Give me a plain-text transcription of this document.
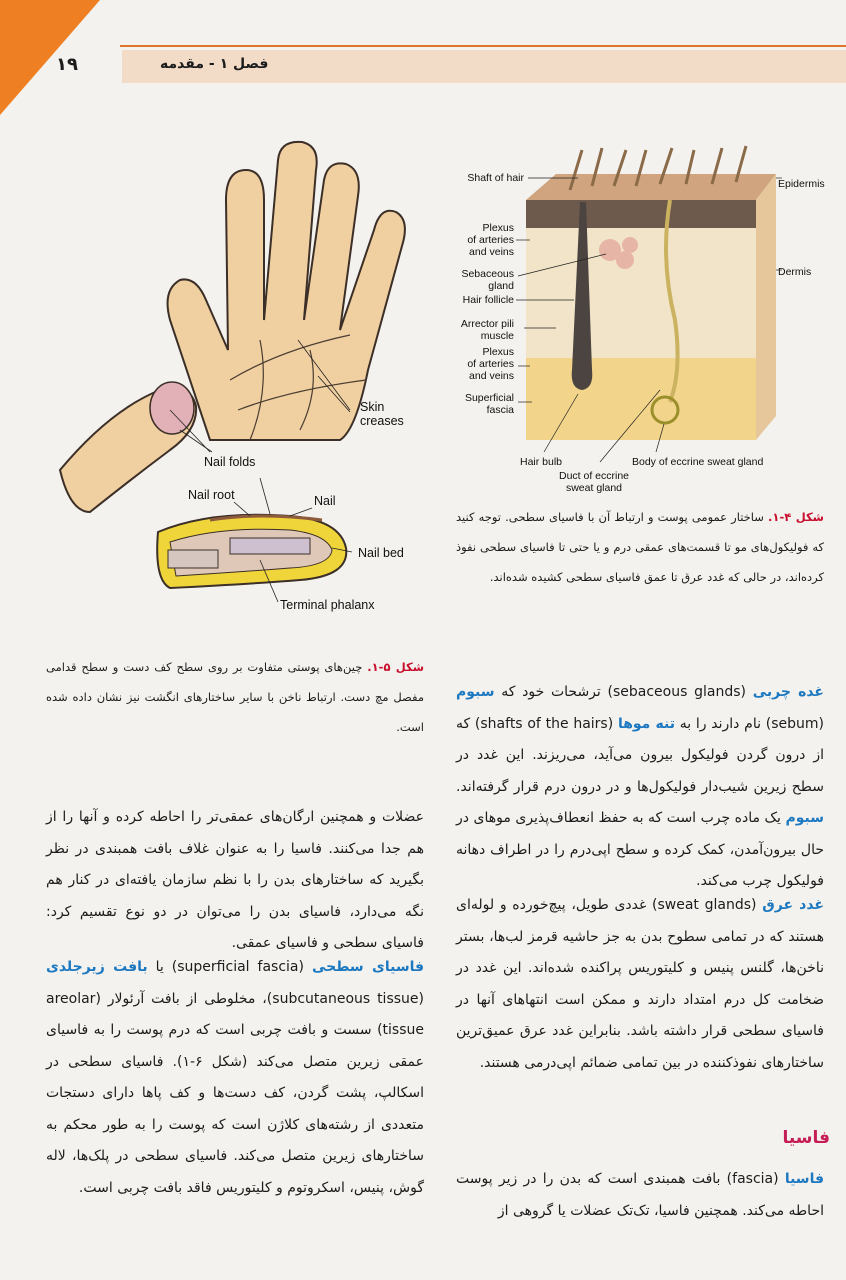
فصل ۱ - مقدمه
۱۹
Shaft of hair	Epidermis
Plexus
of arteries
and veins
Dermis
Sebaceous
gland
Hair follicle
Arrector pili
muscle
Plexus
of arteries
and veins
Superficial
fascia
Hair bulb
Duct of eccrine
sweat gland
Body of eccrine sweat gland
شکل ۴-۱. ساختار عمومی پوست و ارتباط آن با فاسیای سطحی. توجه کنید که فولیکول‌های مو تا قسمت‌های عمقی درم و یا حتی تا فاسیای سطحی نفوذ کرده‌اند، در حالی که غدد عرق تا عمق فاسیای سطحی کشیده شده‌اند.
Skin
creases
Nail folds
Nail root	Nail
Nail bed
Terminal phalanx
شکل ۵-۱. چین‌های پوستی متفاوت بر روی سطح کف دست و سطح قدامی مفصل مچ دست. ارتباط ناخن با سایر ساختارهای انگشت نیز نشان داده شده است.
غده چربی (sebaceous glands) ترشحات خود که سبوم (sebum) نام دارند را به تنه موها (shafts of the hairs) که از درون گردن فولیکول بیرون می‌آید، می‌ریزند. این غدد در سطح زیرین شیب‌دار فولیکول‌ها و در درون درم قرار گرفته‌اند. سبوم یک ماده چرب است که به حفظ انعطاف‌پذیری موهای در حال بیرون‌آمدن، کمک کرده و سطح اپی‌درم را در اطراف دهانه فولیکول چرب می‌کند.
غدد عرق (sweat glands) غددی طویل، پیچ‌خورده و لوله‌ای هستند که در تمامی سطوح بدن به جز حاشیه قرمز لب‌ها، بستر ناخن‌ها، گلنس پنیس و کلیتوریس پراکنده شده‌اند. این غدد در ضخامت کل درم امتداد دارند و ممکن است انتهاهای آنها در فاسیای سطحی قرار داشته باشد. بنابراین غدد عرق عمیق‌ترین ساختارهای نفوذکننده در بین تمامی ضمائم اپی‌درمی هستند.
فاسیا
فاسیا (fascia) بافت همبندی است که بدن را در زیر پوست احاطه می‌کند. همچنین فاسیا، تک‌تک عضلات یا گروهی از
عضلات و همچنین ارگان‌های عمقی‌تر را احاطه کرده و آنها را از هم جدا می‌کنند. فاسیا را به عنوان غلاف بافت همبندی در نظر بگیرید که ساختارهای بدن را با نظم سازمان یافته‌ای در کنار هم نگه می‌دارد، فاسیای بدن را می‌توان در دو نوع تقسیم کرد: فاسیای سطحی و فاسیای عمقی.
فاسیای سطحی (superficial fascia) یا بافت زیرجلدی (subcutaneous tissue)، مخلوطی از بافت آرئولار (areolar tissue) سست و بافت چربی است که درم پوست را به فاسیای عمقی زیرین متصل می‌کند (شکل ۶-۱). فاسیای سطحی در اسکالپ، پشت گردن، کف دست‌ها و کف پاها دارای دستجات متعددی از رشته‌های کلاژن است که پوست را به طور محکم به ساختارهای زیرین متصل می‌کند. فاسیای سطحی در پلک‌ها، لاله گوش، پنیس، اسکروتوم و کلیتوریس فاقد بافت چربی است.
